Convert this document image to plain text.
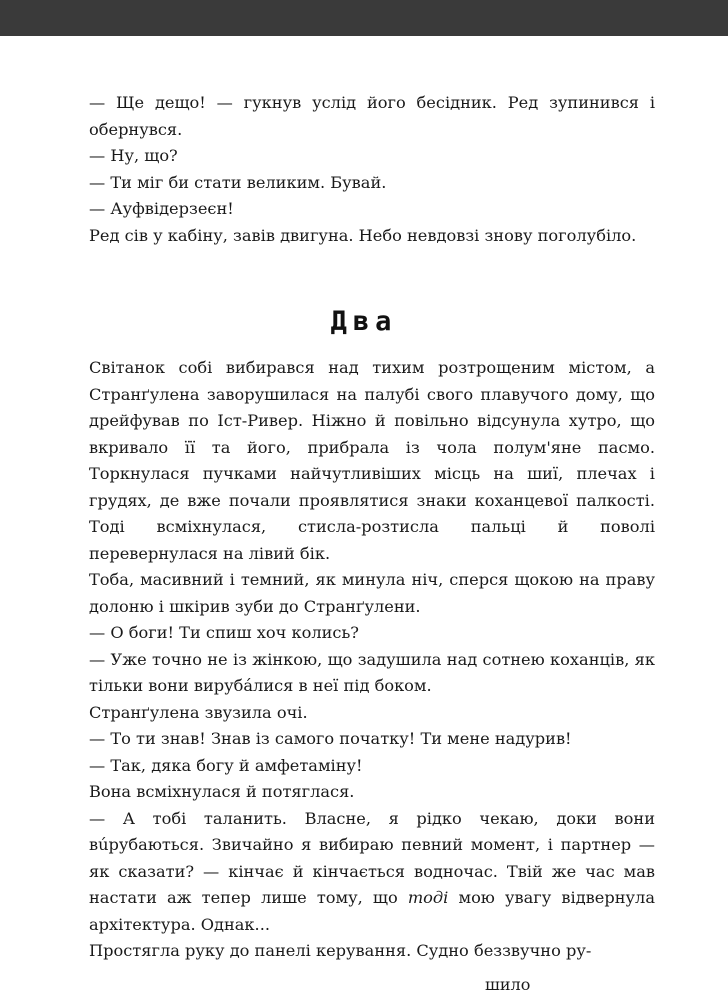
— Ще дещо! — гукнув услід його бесідник. Ред зупинився і обернувся.

— Ну, що?

— Ти міг би стати великим. Бувай.

— Ауфвідерзеєн!

Ред сів у кабіну, завів двигуна. Небо невдовзі знову поголубіло.

Два

Світанок собі вибирався над тихим розтрощеним містом, а Странґулена заворушилася на палубі свого плавучого дому, що дрейфував по Іст-Ривер. Ніжно й повільно відсунула хутро, що вкривало її та його, прибрала із чола полум'яне пасмо. Торкнулася пучками найчутливіших місць на шиї, плечах і грудях, де вже почали проявлятися знаки коханцевої палкості. Тоді всміхнулася, стисла-розтисла пальці й поволі перевернулася на лівий бік.

Тоба, масивний і темний, як минула ніч, сперся щокою на праву долоню і шкірив зуби до Странґулени.

— О боги! Ти спиш хоч колись?

— Уже точно не із жінкою, що задушила над сотнею коханців, як тільки вони вирубáлися в неї під боком.

Странґулена звузила очі.

— То ти знав! Знав із самого початку! Ти мене надурив!

— Так, дяка богу й амфетаміну!

Вона всміхнулася й потяглася.

— А тобі таланить. Власне, я рідко чекаю, доки вони вúрубаються. Звичайно я вибираю певний момент, і партнер — як сказати? — кінчає й кінчається водночас. Твій же час мав настати аж тепер лише тому, що тоді мою увагу відвернула архітектура. Однак...

Простягла руку до панелі керування. Судно беззвучно ру-

шило
